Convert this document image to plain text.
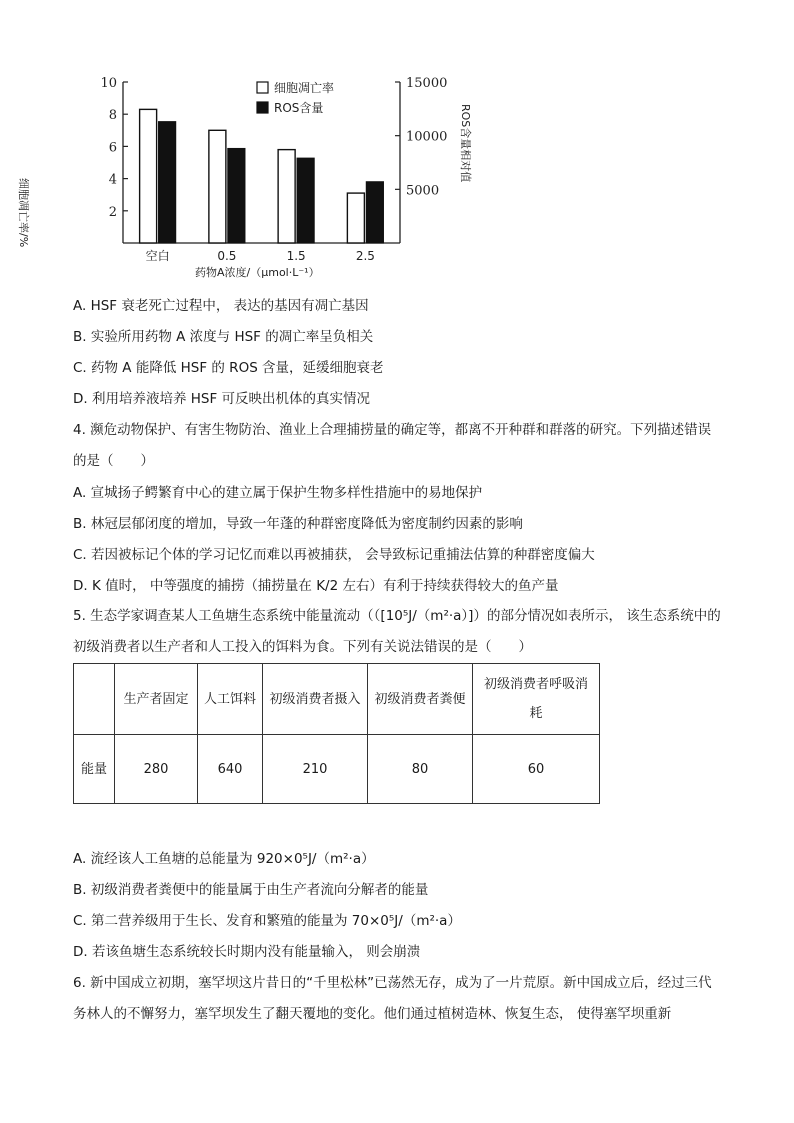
2
4
6
8
10
5000
10000
15000
空白	0.5	1.5	2.5
细胞凋亡率
ROS含量
细胞凋亡率/%
ROS含量相对值
药物A浓度/（μmol·L⁻¹）
A. HSF 衰老死亡过程中， 表达的基因有凋亡基因
B. 实验所用药物 A 浓度与 HSF 的凋亡率呈负相关
C. 药物 A 能降低 HSF 的 ROS 含量，延缓细胞衰老
D. 利用培养液培养 HSF 可反映出机体的真实情况
4. 濒危动物保护、有害生物防治、渔业上合理捕捞量的确定等，都离不开种群和群落的研究。下列描述错误的是（　　）
A. 宣城扬子鳄繁育中心的建立属于保护生物多样性措施中的易地保护
B. 林冠层郁闭度的增加，导致一年蓬的种群密度降低为密度制约因素的影响
C. 若因被标记个体的学习记忆而难以再被捕获， 会导致标记重捕法估算的种群密度偏大
D. K 值时， 中等强度的捕捞（捕捞量在 K/2 左右）有利于持续获得较大的鱼产量
5. 生态学家调查某人工鱼塘生态系统中能量流动（（[10⁵J/（m²·a）]）的部分情况如表所示， 该生态系统中的初级消费者以生产者和人工投入的饵料为食。下列有关说法错误的是（　　）
	生产者固定	人工饵料	初级消费者摄入	初级消费者粪便	初级消费者呼吸消耗
能量	280	640	210	80	60
A. 流经该人工鱼塘的总能量为 920×0⁵J/（m²·a）
B. 初级消费者粪便中的能量属于由生产者流向分解者的能量
C. 第二营养级用于生长、发育和繁殖的能量为 70×0⁵J/（m²·a）
D. 若该鱼塘生态系统较长时期内没有能量输入， 则会崩溃
6. 新中国成立初期，塞罕坝这片昔日的“千里松林”已荡然无存，成为了一片荒原。新中国成立后，经过三代务林人的不懈努力，塞罕坝发生了翻天覆地的变化。他们通过植树造林、恢复生态， 使得塞罕坝重新
